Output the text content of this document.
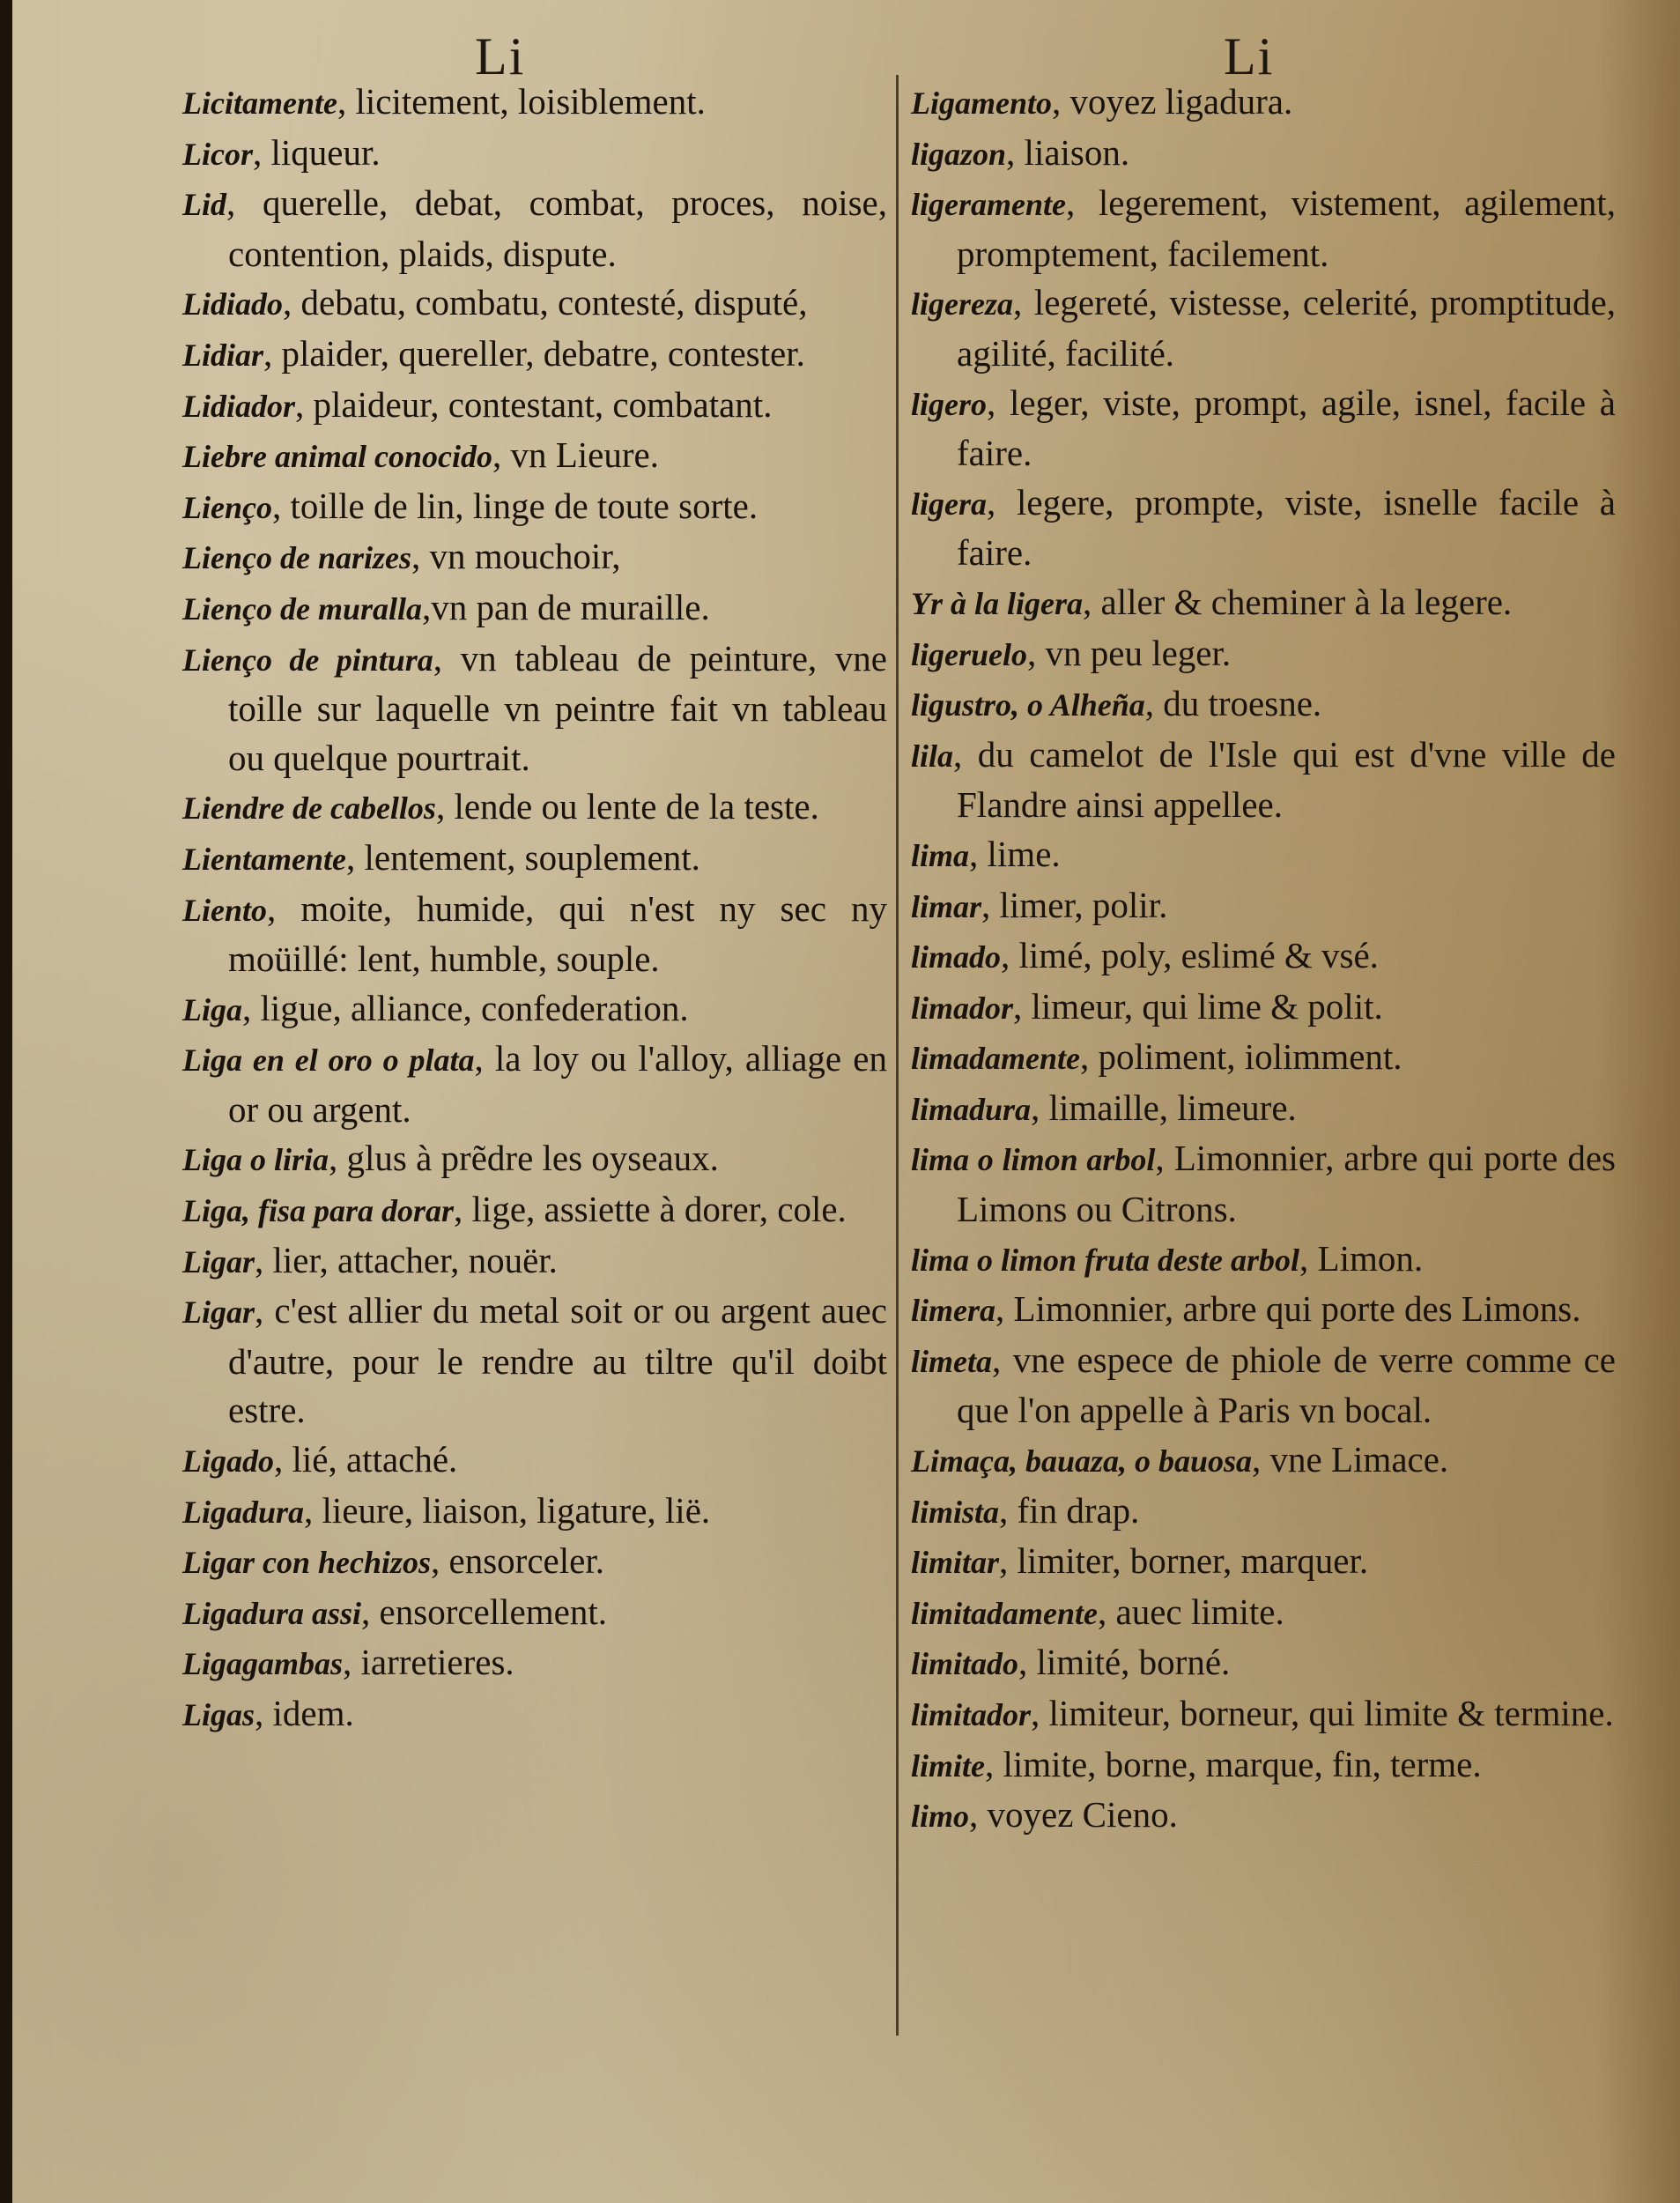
Li	Li
Licitamente, licitement, loisiblement.
Licor, liqueur.
Lid, querelle, debat, combat, proces, noise, contention, plaids, dispute.
Lidiado, debatu, combatu, contesté, disputé,
Lidiar, plaider, quereller, debatre, contester.
Lidiador, plaideur, contestant, combatant.
Liebre animal conocido, vn Lieure.
Lienço, toille de lin, linge de toute sorte.
Lienço de narizes, vn mouchoir,
Lienço de muralla,vn pan de muraille.
Lienço de pintura, vn tableau de peinture, vne toille sur laquelle vn peintre fait vn tableau ou quelque pourtrait.
Liendre de cabellos, lende ou lente de la teste.
Lientamente, lentement, souplement.
Liento, moite, humide, qui n'est ny sec ny moüillé: lent, humble, souple.
Liga, ligue, alliance, confederation.
Liga en el oro o plata, la loy ou l'alloy, alliage en or ou argent.
Liga o liria, glus à prẽdre les oyseaux.
Liga, fisa para dorar, lige, assiette à dorer, cole.
Ligar, lier, attacher, nouër.
Ligar, c'est allier du metal soit or ou argent auec d'autre, pour le rendre au tiltre qu'il doibt estre.
Ligado, lié, attaché.
Ligadura, lieure, liaison, ligature, lië.
Ligar con hechizos, ensorceler.
Ligadura assi, ensorcellement.
Ligagambas, iarretieres.
Ligas, idem.
Ligamento, voyez ligadura.
ligazon, liaison.
ligeramente, legerement, vistement, agilement, promptement, facilement.
ligereza, legereté, vistesse, celerité, promptitude, agilité, facilité.
ligero, leger, viste, prompt, agile, isnel, facile à faire.
ligera, legere, prompte, viste, isnelle facile à faire.
Yr à la ligera, aller & cheminer à la legere.
ligeruelo, vn peu leger.
ligustro, o Alheña, du troesne.
lila, du camelot de l'Isle qui est d'vne ville de Flandre ainsi appellee.
lima, lime.
limar, limer, polir.
limado, limé, poly, eslimé & vsé.
limador, limeur, qui lime & polit.
limadamente, poliment, iolimment.
limadura, limaille, limeure.
lima o limon arbol, Limonnier, arbre qui porte des Limons ou Citrons.
lima o limon fruta deste arbol, Limon.
limera, Limonnier, arbre qui porte des Limons.
limeta, vne espece de phiole de verre comme ce que l'on appelle à Paris vn bocal.
Limaça, bauaza, o bauosa, vne Limace.
limista, fin drap.
limitar, limiter, borner, marquer.
limitadamente, auec limite.
limitado, limité, borné.
limitador, limiteur, borneur, qui limite & termine.
limite, limite, borne, marque, fin, terme.
limo, voyez Cieno.
